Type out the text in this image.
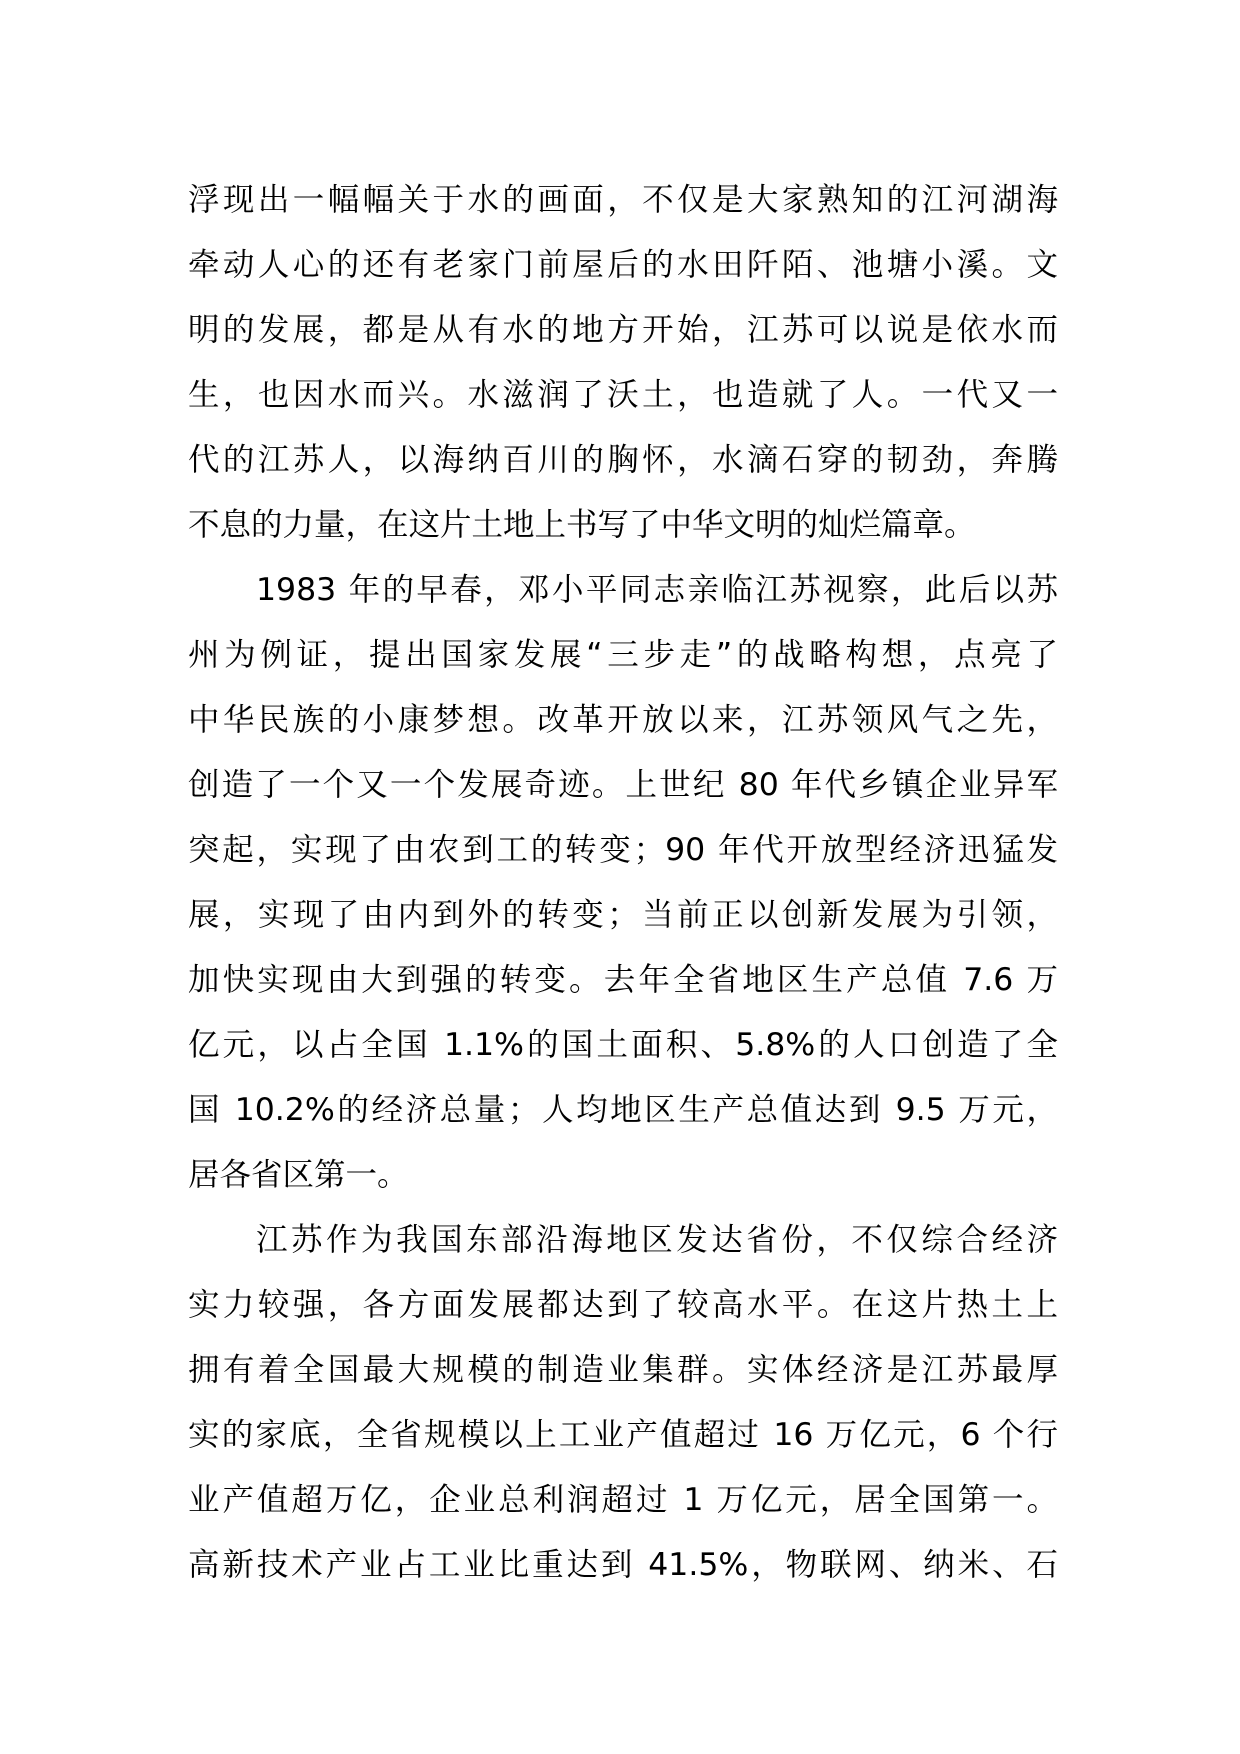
浮现出一幅幅关于水的画面，不仅是大家熟知的江河湖海
牵动人心的还有老家门前屋后的水田阡陌、池塘小溪。文
明的发展，都是从有水的地方开始，江苏可以说是依水而
生，也因水而兴。水滋润了沃土，也造就了人。一代又一
代的江苏人，以海纳百川的胸怀，水滴石穿的韧劲，奔腾
不息的力量，在这片土地上书写了中华文明的灿烂篇章。
1983 年的早春，邓小平同志亲临江苏视察，此后以苏
州为例证，提出国家发展“三步走”的战略构想，点亮了
中华民族的小康梦想。改革开放以来，江苏领风气之先，
创造了一个又一个发展奇迹。上世纪 80 年代乡镇企业异军
突起，实现了由农到工的转变；90 年代开放型经济迅猛发
展，实现了由内到外的转变；当前正以创新发展为引领，
加快实现由大到强的转变。去年全省地区生产总值 7.6 万
亿元，以占全国 1.1%的国土面积、5.8%的人口创造了全
国 10.2%的经济总量；人均地区生产总值达到 9.5 万元，
居各省区第一。
江苏作为我国东部沿海地区发达省份，不仅综合经济
实力较强，各方面发展都达到了较高水平。在这片热土上
拥有着全国最大规模的制造业集群。实体经济是江苏最厚
实的家底，全省规模以上工业产值超过 16 万亿元，6 个行
业产值超万亿，企业总利润超过 1 万亿元，居全国第一。
高新技术产业占工业比重达到 41.5%，物联网、纳米、石
